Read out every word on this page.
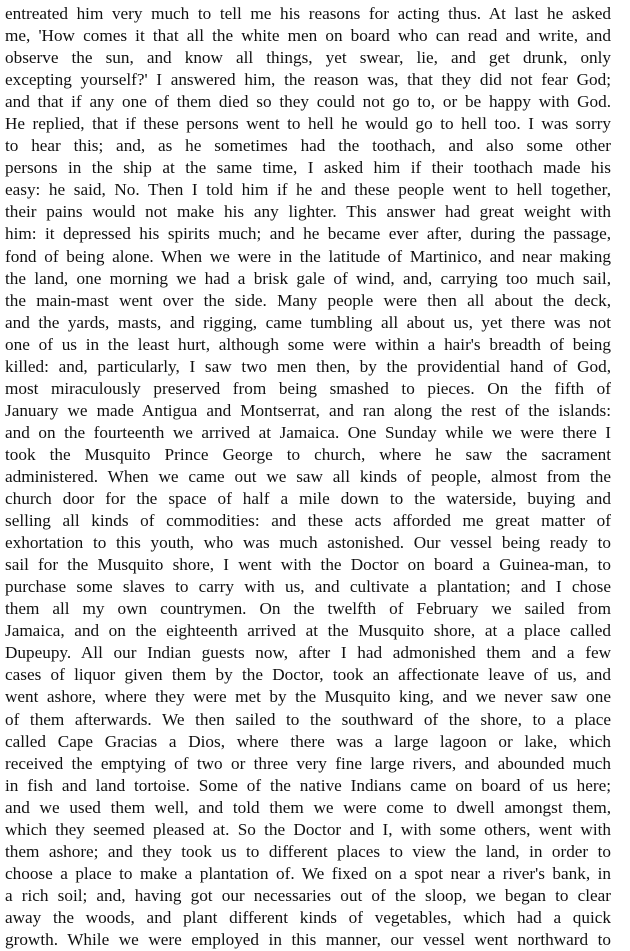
entreated him very much to tell me his reasons for acting thus. At last he asked
me, 'How comes it that all the white men on board who can read and write, and
observe the sun, and know all things, yet swear, lie, and get drunk, only
excepting yourself?' I answered him, the reason was, that they did not fear God;
and that if any one of them died so they could not go to, or be happy with God.
He replied, that if these persons went to hell he would go to hell too. I was sorry
to hear this; and, as he sometimes had the toothach, and also some other
persons in the ship at the same time, I asked him if their toothach made his
easy: he said, No. Then I told him if he and these people went to hell together,
their pains would not make his any lighter. This answer had great weight with
him: it depressed his spirits much; and he became ever after, during the passage,
fond of being alone. When we were in the latitude of Martinico, and near making
the land, one morning we had a brisk gale of wind, and, carrying too much sail,
the main-mast went over the side. Many people were then all about the deck,
and the yards, masts, and rigging, came tumbling all about us, yet there was not
one of us in the least hurt, although some were within a hair's breadth of being
killed: and, particularly, I saw two men then, by the providential hand of God,
most miraculously preserved from being smashed to pieces. On the fifth of
January we made Antigua and Montserrat, and ran along the rest of the islands:
and on the fourteenth we arrived at Jamaica. One Sunday while we were there I
took the Musquito Prince George to church, where he saw the sacrament
administered. When we came out we saw all kinds of people, almost from the
church door for the space of half a mile down to the waterside, buying and
selling all kinds of commodities: and these acts afforded me great matter of
exhortation to this youth, who was much astonished. Our vessel being ready to
sail for the Musquito shore, I went with the Doctor on board a Guinea-man, to
purchase some slaves to carry with us, and cultivate a plantation; and I chose
them all my own countrymen. On the twelfth of February we sailed from
Jamaica, and on the eighteenth arrived at the Musquito shore, at a place called
Dupeupy. All our Indian guests now, after I had admonished them and a few
cases of liquor given them by the Doctor, took an affectionate leave of us, and
went ashore, where they were met by the Musquito king, and we never saw one
of them afterwards. We then sailed to the southward of the shore, to a place
called Cape Gracias a Dios, where there was a large lagoon or lake, which
received the emptying of two or three very fine large rivers, and abounded much
in fish and land tortoise. Some of the native Indians came on board of us here;
and we used them well, and told them we were come to dwell amongst them,
which they seemed pleased at. So the Doctor and I, with some others, went with
them ashore; and they took us to different places to view the land, in order to
choose a place to make a plantation of. We fixed on a spot near a river's bank, in
a rich soil; and, having got our necessaries out of the sloop, we began to clear
away the woods, and plant different kinds of vegetables, which had a quick
growth. While we were employed in this manner, our vessel went northward to
